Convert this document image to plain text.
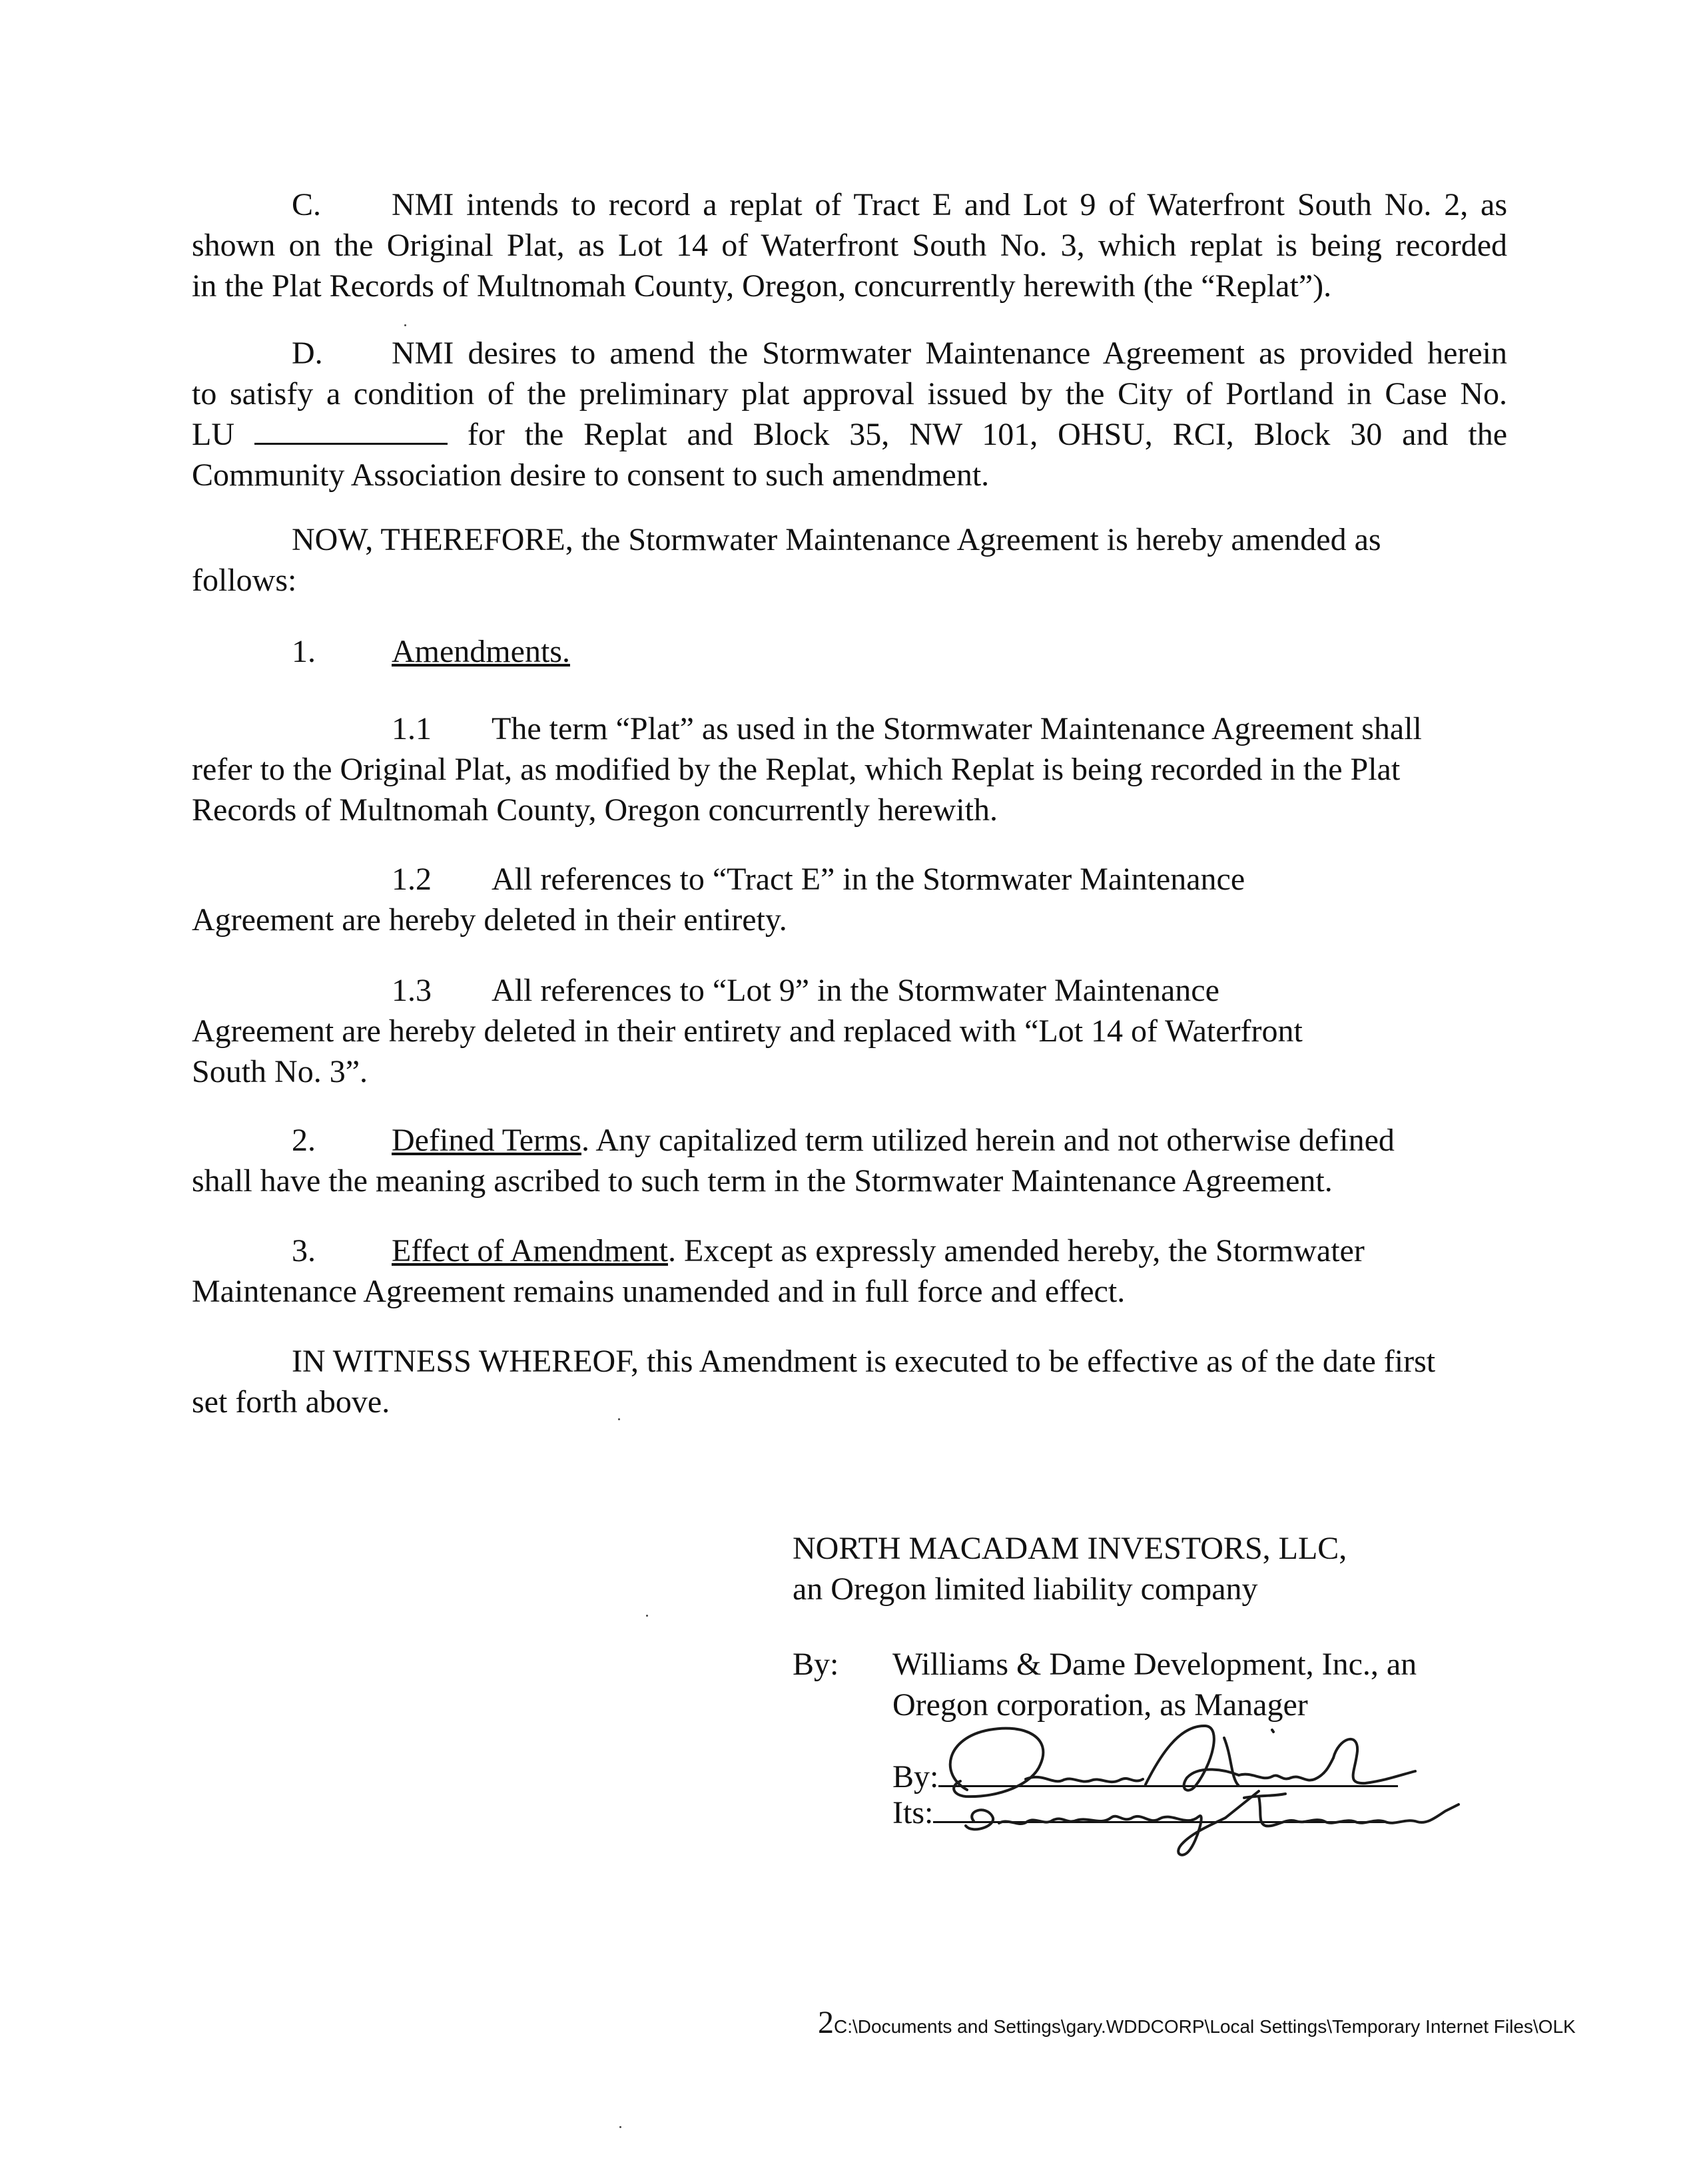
C. NMI intends to record a replat of Tract E and Lot 9 of Waterfront South No. 2, as
shown on the Original Plat, as Lot 14 of Waterfront South No. 3, which replat is being recorded
in the Plat Records of Multnomah County, Oregon, concurrently herewith (the “Replat”).
D. NMI desires to amend the Stormwater Maintenance Agreement as provided herein
to satisfy a condition of the preliminary plat approval issued by the City of Portland in Case No.
LU	for the Replat and Block 35, NW 101, OHSU, RCI, Block 30 and the
Community Association desire to consent to such amendment.
NOW, THEREFORE, the Stormwater Maintenance Agreement is hereby amended as
follows:
1. Amendments.
1.1 The term “Plat” as used in the Stormwater Maintenance Agreement shall
refer to the Original Plat, as modified by the Replat, which Replat is being recorded in the Plat
Records of Multnomah County, Oregon concurrently herewith.
1.2 All references to “Tract E” in the Stormwater Maintenance
Agreement are hereby deleted in their entirety.
1.3 All references to “Lot 9” in the Stormwater Maintenance
Agreement are hereby deleted in their entirety and replaced with “Lot 14 of Waterfront
South No. 3”.
2. Defined Terms. Any capitalized term utilized herein and not otherwise defined
shall have the meaning ascribed to such term in the Stormwater Maintenance Agreement.
3. Effect of Amendment. Except as expressly amended hereby, the Stormwater
Maintenance Agreement remains unamended and in full force and effect.
IN WITNESS WHEREOF, this Amendment is executed to be effective as of the date first
set forth above.
NORTH MACADAM INVESTORS, LLC,
an Oregon limited liability company
By: Williams & Dame Development, Inc., an
Oregon corporation, as Manager
By:
Its:
2C:\Documents and Settings\gary.WDDCORP\Local Settings\Temporary Internet Files\OLK
